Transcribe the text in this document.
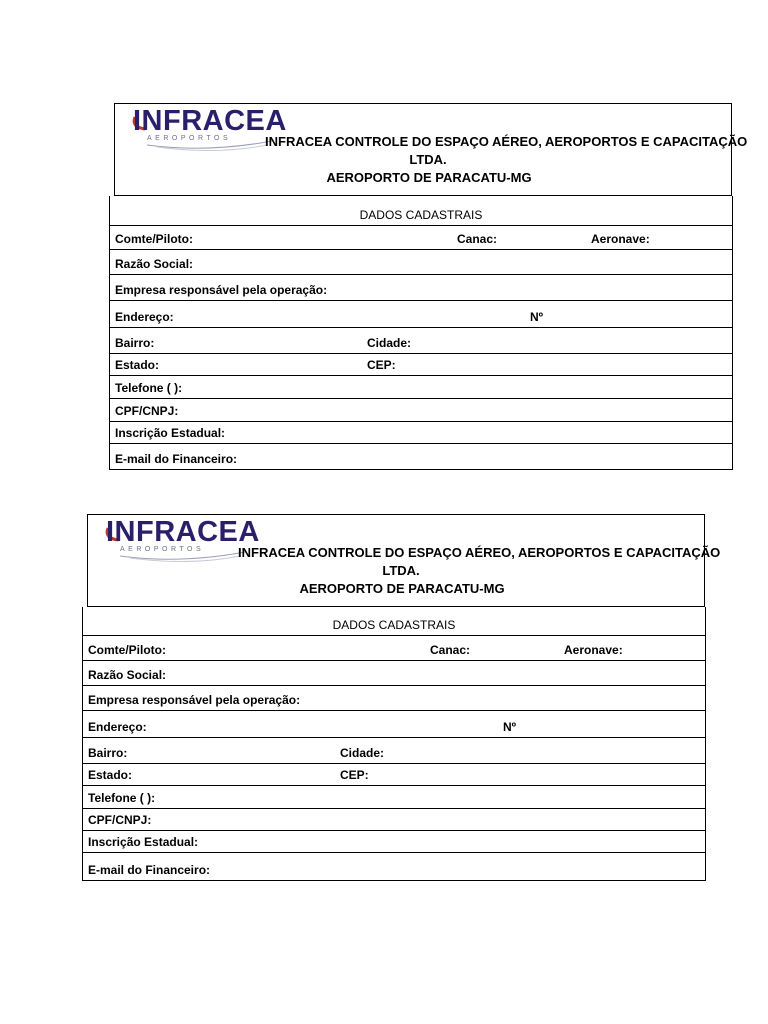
INFRACEA
AEROPORTOS	INFRACEA CONTROLE DO ESPAÇO AÉREO, AEROPORTOS E CAPACITAÇÃO
LTDA.
AEROPORTO DE PARACATU-MG
DADOS CADASTRAIS
Comte/Piloto:	Canac:	Aeronave:
Razão Social:
Empresa responsável pela operação:
Endereço:	Nº
Bairro:	Cidade:
Estado:	CEP:
Telefone ( ):
CPF/CNPJ:
Inscrição Estadual:
E-mail do Financeiro:
INFRACEA
AEROPORTOS	INFRACEA CONTROLE DO ESPAÇO AÉREO, AEROPORTOS E CAPACITAÇÃO
LTDA.
AEROPORTO DE PARACATU-MG
DADOS CADASTRAIS
Comte/Piloto:	Canac:	Aeronave:
Razão Social:
Empresa responsável pela operação:
Endereço:	Nº
Bairro:	Cidade:
Estado:	CEP:
Telefone ( ):
CPF/CNPJ:
Inscrição Estadual:
E-mail do Financeiro:
